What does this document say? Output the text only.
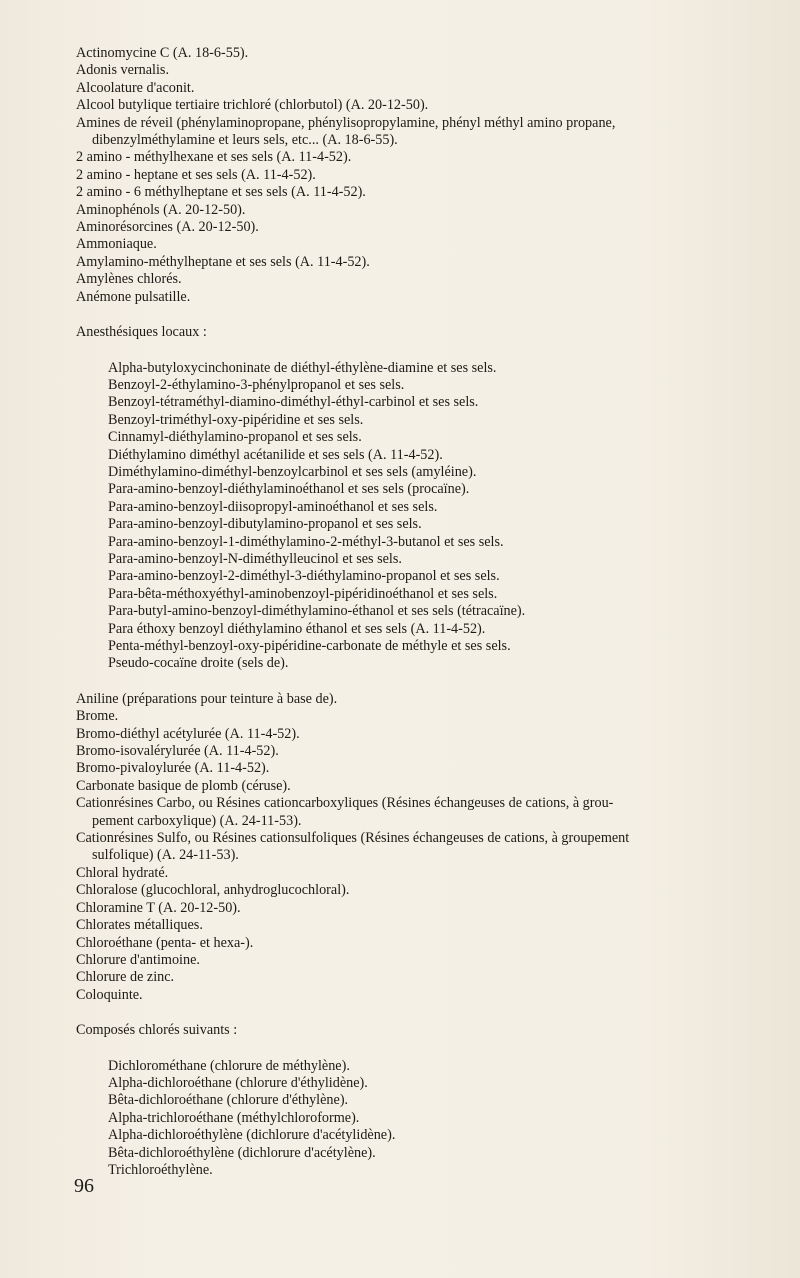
Actinomycine C (A. 18-6-55).
Adonis vernalis.
Alcoolature d'aconit.
Alcool butylique tertiaire trichloré (chlorbutol) (A. 20-12-50).
Amines de réveil (phénylaminopropane, phénylisopropylamine, phényl méthyl amino propane,
dibenzylméthylamine et leurs sels, etc... (A. 18-6-55).
2 amino - méthylhexane et ses sels (A. 11-4-52).
2 amino - heptane et ses sels (A. 11-4-52).
2 amino - 6 méthylheptane et ses sels (A. 11-4-52).
Aminophénols (A. 20-12-50).
Aminorésorcines (A. 20-12-50).
Ammoniaque.
Amylamino-méthylheptane et ses sels (A. 11-4-52).
Amylènes chlorés.
Anémone pulsatille.
Anesthésiques locaux :
Alpha-butyloxycinchoninate de diéthyl-éthylène-diamine et ses sels.
Benzoyl-2-éthylamino-3-phénylpropanol et ses sels.
Benzoyl-tétraméthyl-diamino-diméthyl-éthyl-carbinol et ses sels.
Benzoyl-triméthyl-oxy-pipéridine et ses sels.
Cinnamyl-diéthylamino-propanol et ses sels.
Diéthylamino diméthyl acétanilide et ses sels (A. 11-4-52).
Diméthylamino-diméthyl-benzoylcarbinol et ses sels (amyléine).
Para-amino-benzoyl-diéthylaminoéthanol et ses sels (procaïne).
Para-amino-benzoyl-diisopropyl-aminoéthanol et ses sels.
Para-amino-benzoyl-dibutylamino-propanol et ses sels.
Para-amino-benzoyl-1-diméthylamino-2-méthyl-3-butanol et ses sels.
Para-amino-benzoyl-N-diméthylleucinol et ses sels.
Para-amino-benzoyl-2-diméthyl-3-diéthylamino-propanol et ses sels.
Para-bêta-méthoxyéthyl-aminobenzoyl-pipéridinoéthanol et ses sels.
Para-butyl-amino-benzoyl-diméthylamino-éthanol et ses sels (tétracaïne).
Para éthoxy benzoyl diéthylamino éthanol et ses sels (A. 11-4-52).
Penta-méthyl-benzoyl-oxy-pipéridine-carbonate de méthyle et ses sels.
Pseudo-cocaïne droite (sels de).
Aniline (préparations pour teinture à base de).
Brome.
Bromo-diéthyl acétylurée (A. 11-4-52).
Bromo-isovalérylurée (A. 11-4-52).
Bromo-pivaloylurée (A. 11-4-52).
Carbonate basique de plomb (céruse).
Cationrésines Carbo, ou Résines cationcarboxyliques (Résines échangeuses de cations, à grou-
pement carboxylique) (A. 24-11-53).
Cationrésines Sulfo, ou Résines cationsulfoliques (Résines échangeuses de cations, à groupement
sulfolique) (A. 24-11-53).
Chloral hydraté.
Chloralose (glucochloral, anhydroglucochloral).
Chloramine T (A. 20-12-50).
Chlorates métalliques.
Chloroéthane (penta- et hexa-).
Chlorure d'antimoine.
Chlorure de zinc.
Coloquinte.
Composés chlorés suivants :
Dichlorométhane (chlorure de méthylène).
Alpha-dichloroéthane (chlorure d'éthylidène).
Bêta-dichloroéthane (chlorure d'éthylène).
Alpha-trichloroéthane (méthylchloroforme).
Alpha-dichloroéthylène (dichlorure d'acétylidène).
Bêta-dichloroéthylène (dichlorure d'acétylène).
Trichloroéthylène.
96
